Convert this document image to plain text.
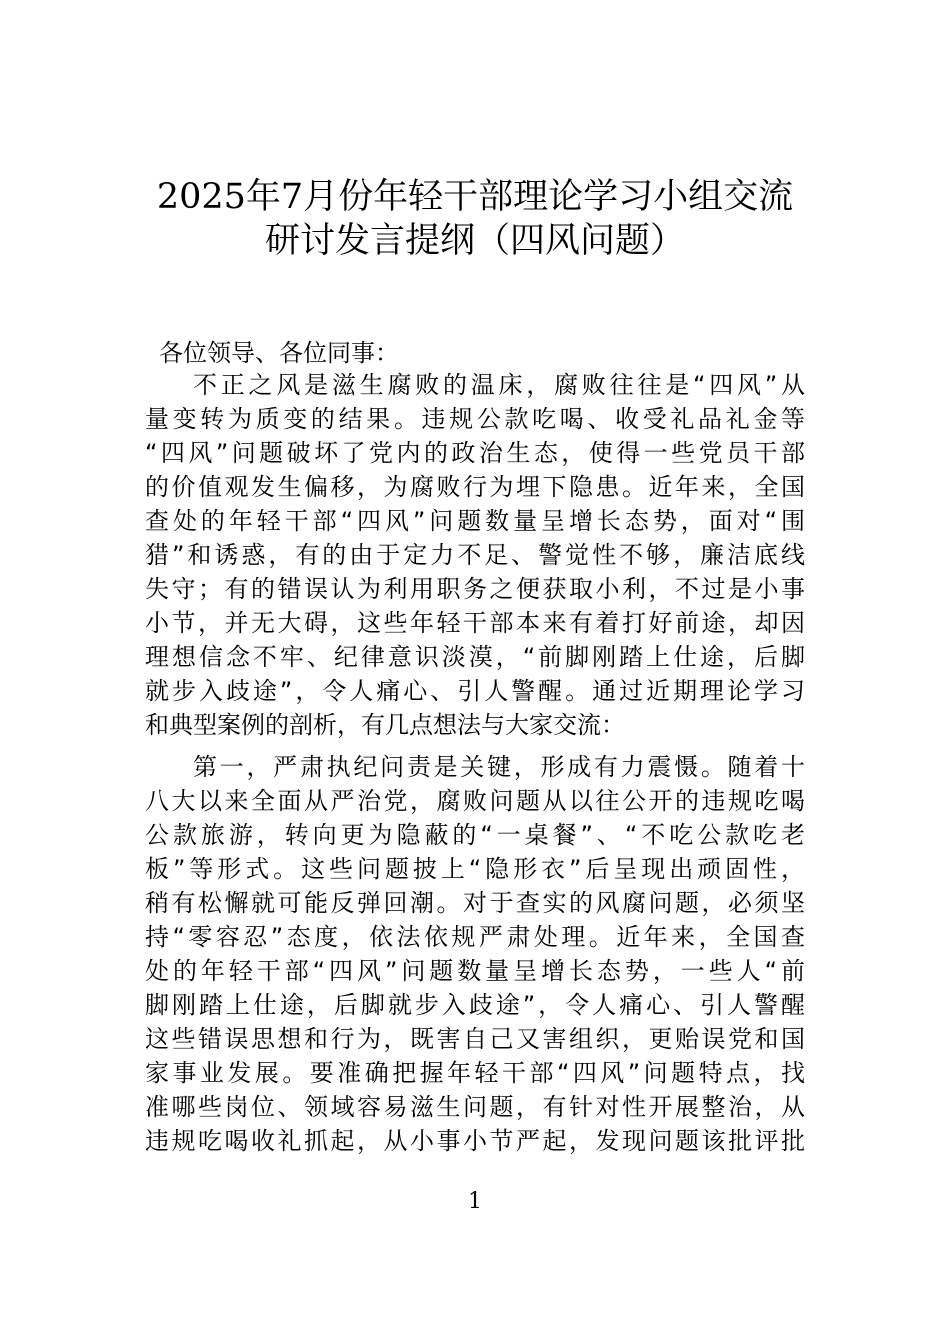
2025年7月份年轻干部理论学习小组交流
研讨发言提纲（四风问题）
各位领导、各位同事：
不正之风是滋生腐败的温床，腐败往往是“四风”从
量变转为质变的结果。违规公款吃喝、收受礼品礼金等
“四风”问题破坏了党内的政治生态，使得一些党员干部
的价值观发生偏移，为腐败行为埋下隐患。近年来，全国
查处的年轻干部“四风”问题数量呈增长态势，面对“围
猎”和诱惑，有的由于定力不足、警觉性不够，廉洁底线
失守；有的错误认为利用职务之便获取小利，不过是小事
小节，并无大碍，这些年轻干部本来有着打好前途，却因
理想信念不牢、纪律意识淡漠，“前脚刚踏上仕途，后脚
就步入歧途”，令人痛心、引人警醒。通过近期理论学习
和典型案例的剖析，有几点想法与大家交流：
第一，严肃执纪问责是关键，形成有力震慑。随着十
八大以来全面从严治党，腐败问题从以往公开的违规吃喝
公款旅游，转向更为隐蔽的“一桌餐”、“不吃公款吃老
板”等形式。这些问题披上“隐形衣”后呈现出顽固性，
稍有松懈就可能反弹回潮。对于查实的风腐问题，必须坚
持“零容忍”态度，依法依规严肃处理。近年来，全国查
处的年轻干部“四风”问题数量呈增长态势，一些人“前
脚刚踏上仕途，后脚就步入歧途”，令人痛心、引人警醒
这些错误思想和行为，既害自己又害组织，更贻误党和国
家事业发展。要准确把握年轻干部“四风”问题特点，找
准哪些岗位、领域容易滋生问题，有针对性开展整治，从
违规吃喝收礼抓起，从小事小节严起，发现问题该批评批
1
